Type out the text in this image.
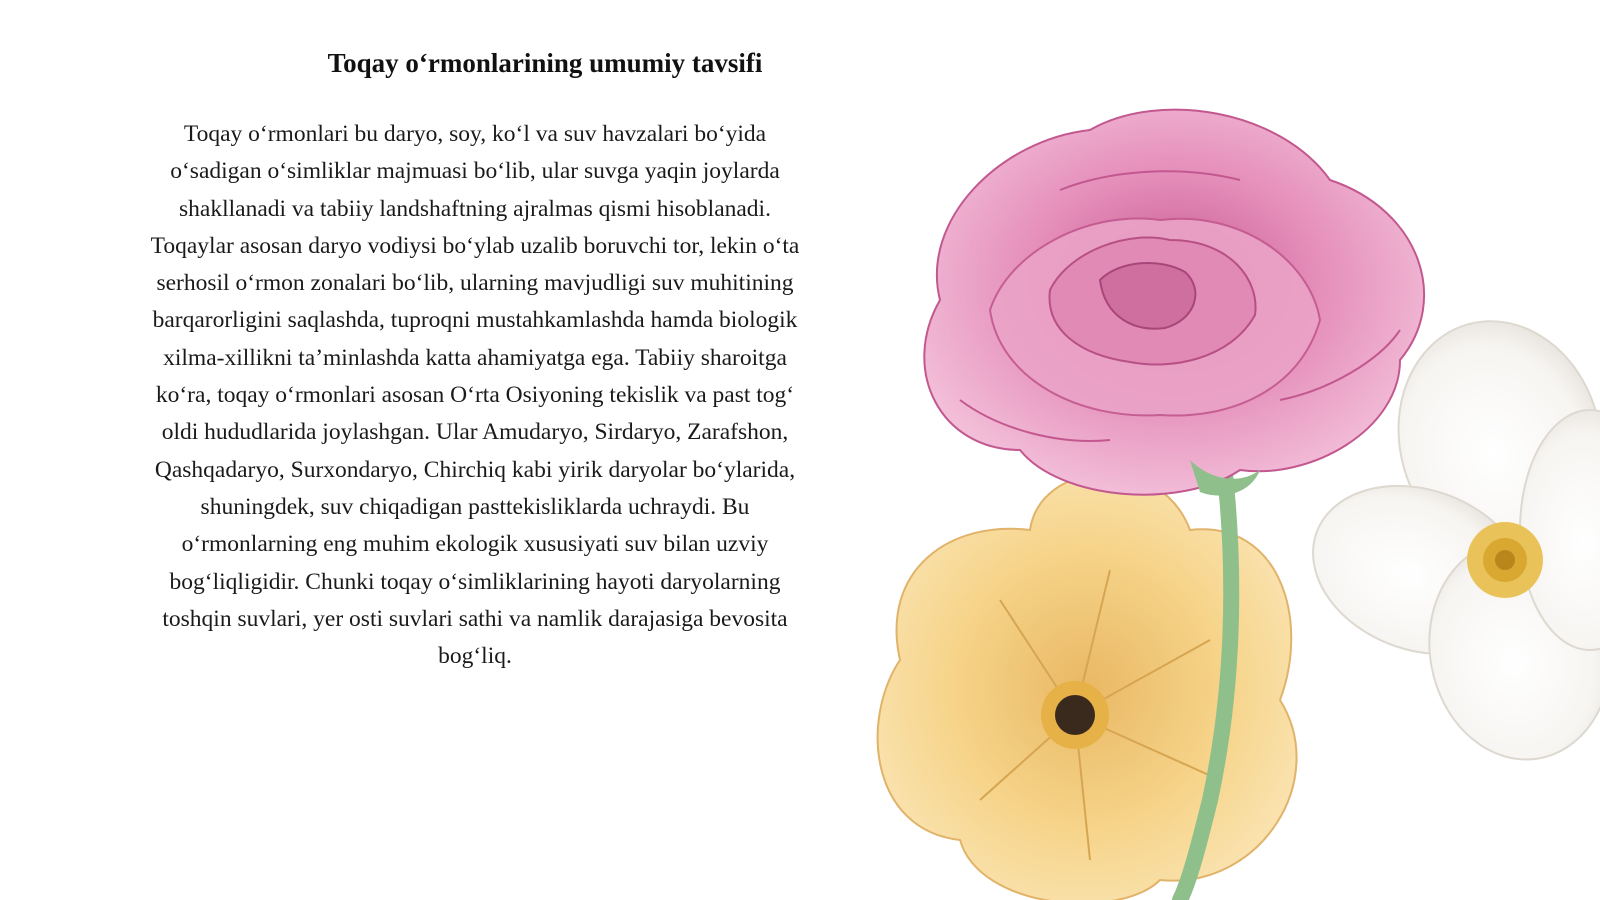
Toqay o‘rmonlarining umumiy tavsifi

Toqay o‘rmonlari bu daryo, soy, ko‘l va suv havzalari bo‘yida o‘sadigan o‘simliklar majmuasi bo‘lib, ular suvga yaqin joylarda shakllanadi va tabiiy landshaftning ajralmas qismi hisoblanadi. Toqaylar asosan daryo vodiysi bo‘ylab uzalib boruvchi tor, lekin o‘ta serhosil o‘rmon zonalari bo‘lib, ularning mavjudligi suv muhitining barqarorligini saqlashda, tuproqni mustahkamlashda hamda biologik xilma-xillikni ta’minlashda katta ahamiyatga ega. Tabiiy sharoitga ko‘ra, toqay o‘rmonlari asosan O‘rta Osiyoning tekislik va past tog‘ oldi hududlarida joylashgan. Ular Amudaryo, Sirdaryo, Zarafshon, Qashqadaryo, Surxondaryo, Chirchiq kabi yirik daryolar bo‘ylarida, shuningdek, suv chiqadigan pasttekisliklarda uchraydi. Bu o‘rmonlarning eng muhim ekologik xususiyati suv bilan uzviy bog‘liqligidir. Chunki toqay o‘simliklarining hayoti daryolarning toshqin suvlari, yer osti suvlari sathi va namlik darajasiga bevosita bog‘liq.
